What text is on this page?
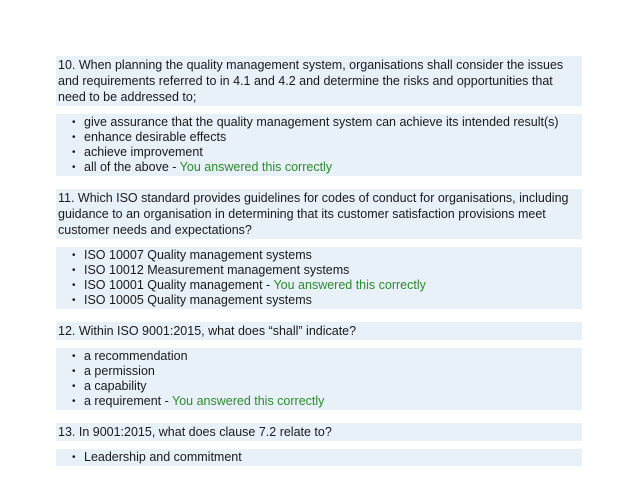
10. When planning the quality management system, organisations shall consider the issues and requirements referred to in 4.1 and 4.2 and determine the risks and opportunities that need to be addressed to;

• give assurance that the quality management system can achieve its intended result(s)
• enhance desirable effects
• achieve improvement
• all of the above - You answered this correctly

11. Which ISO standard provides guidelines for codes of conduct for organisations, including guidance to an organisation in determining that its customer satisfaction provisions meet customer needs and expectations?

• ISO 10007 Quality management systems
• ISO 10012 Measurement management systems
• ISO 10001 Quality management - You answered this correctly
• ISO 10005 Quality management systems

12. Within ISO 9001:2015, what does “shall” indicate?

• a recommendation
• a permission
• a capability
• a requirement - You answered this correctly

13. In 9001:2015, what does clause 7.2 relate to?

• Leadership and commitment
